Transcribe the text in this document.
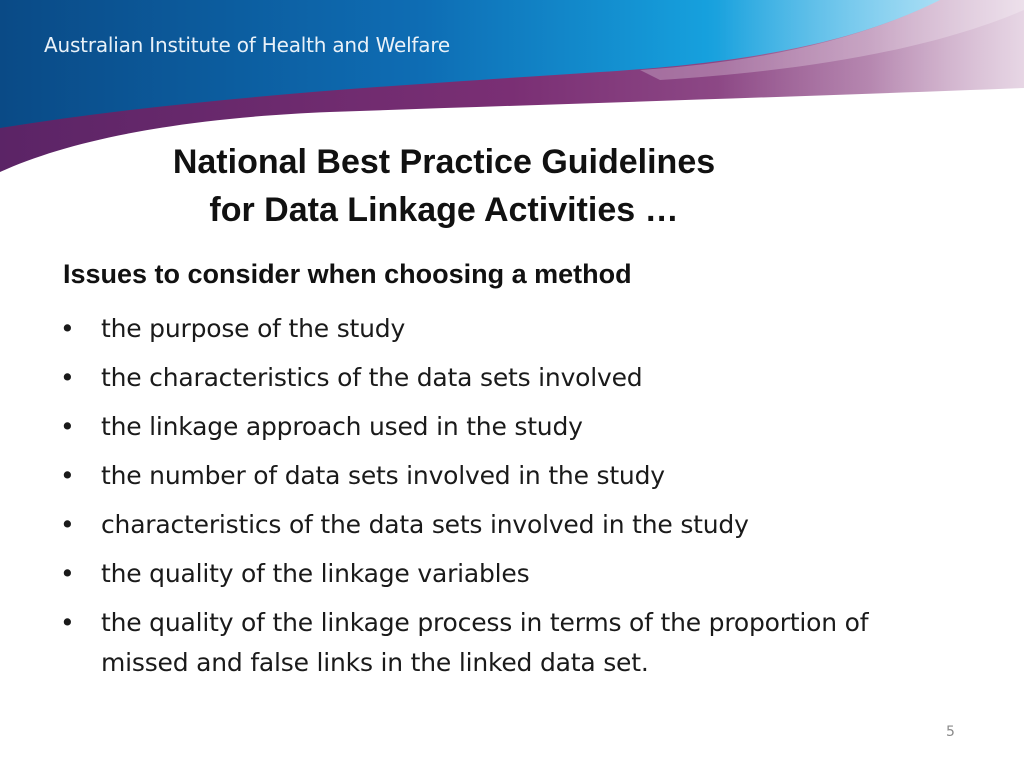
Australian Institute of Health and Welfare
National Best Practice Guidelines
for Data Linkage Activities …
Issues to consider when choosing a method
• the purpose of the study
• the characteristics of the data sets involved
• the linkage approach used in the study
• the number of data sets involved in the study
• characteristics of the data sets involved in the study
• the quality of the linkage variables
• the quality of the linkage process in terms of the proportion of missed and false links in the linked data set.
5
